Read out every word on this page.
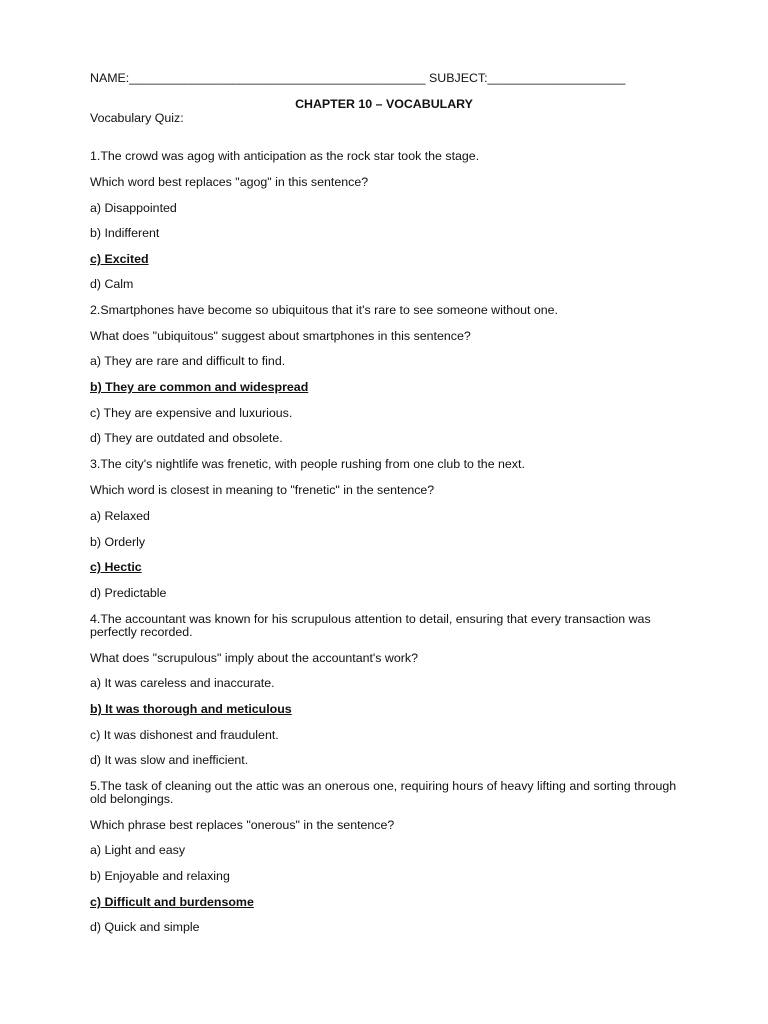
NAME:___________________________________________ SUBJECT:____________________
CHAPTER 10 – VOCABULARY
Vocabulary Quiz:
1.The crowd was agog with anticipation as the rock star took the stage.
Which word best replaces "agog" in this sentence?
a) Disappointed
b) Indifferent
c) Excited
d) Calm
2.Smartphones have become so ubiquitous that it's rare to see someone without one.
What does "ubiquitous" suggest about smartphones in this sentence?
a) They are rare and difficult to find.
b) They are common and widespread
c) They are expensive and luxurious.
d) They are outdated and obsolete.
3.The city's nightlife was frenetic, with people rushing from one club to the next.
Which word is closest in meaning to "frenetic" in the sentence?
a) Relaxed
b) Orderly
c) Hectic
d) Predictable
4.The accountant was known for his scrupulous attention to detail, ensuring that every transaction was perfectly recorded.
What does "scrupulous" imply about the accountant's work?
a) It was careless and inaccurate.
b) It was thorough and meticulous
c) It was dishonest and fraudulent.
d) It was slow and inefficient.
5.The task of cleaning out the attic was an onerous one, requiring hours of heavy lifting and sorting through old belongings.
Which phrase best replaces "onerous" in the sentence?
a) Light and easy
b) Enjoyable and relaxing
c) Difficult and burdensome
d) Quick and simple
